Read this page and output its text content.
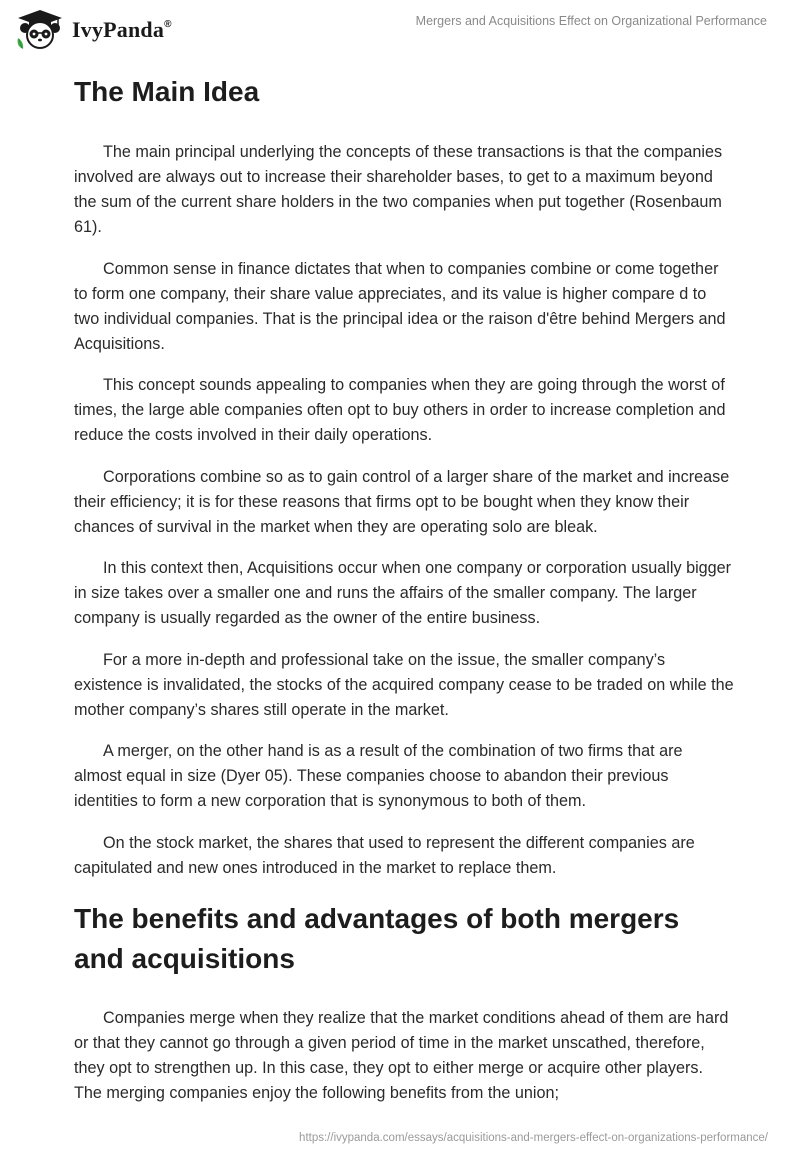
IvyPanda®	Mergers and Acquisitions Effect on Organizational Performance
The Main Idea

The main principal underlying the concepts of these transactions is that the companies involved are always out to increase their shareholder bases, to get to a maximum beyond the sum of the current share holders in the two companies when put together (Rosenbaum 61).

Common sense in finance dictates that when to companies combine or come together to form one company, their share value appreciates, and its value is higher compare d to two individual companies. That is the principal idea or the raison d'être behind Mergers and Acquisitions.

This concept sounds appealing to companies when they are going through the worst of times, the large able companies often opt to buy others in order to increase completion and reduce the costs involved in their daily operations.

Corporations combine so as to gain control of a larger share of the market and increase their efficiency; it is for these reasons that firms opt to be bought when they know their chances of survival in the market when they are operating solo are bleak.

In this context then, Acquisitions occur when one company or corporation usually bigger in size takes over a smaller one and runs the affairs of the smaller company. The larger company is usually regarded as the owner of the entire business.

For a more in-depth and professional take on the issue, the smaller company’s existence is invalidated, the stocks of the acquired company cease to be traded on while the mother company’s shares still operate in the market.

A merger, on the other hand is as a result of the combination of two firms that are almost equal in size (Dyer 05). These companies choose to abandon their previous identities to form a new corporation that is synonymous to both of them.

On the stock market, the shares that used to represent the different companies are capitulated and new ones introduced in the market to replace them.

The benefits and advantages of both mergers and acquisitions

Companies merge when they realize that the market conditions ahead of them are hard or that they cannot go through a given period of time in the market unscathed, therefore, they opt to strengthen up. In this case, they opt to either merge or acquire other players. The merging companies enjoy the following benefits from the union;

https://ivypanda.com/essays/acquisitions-and-mergers-effect-on-organizations-performance/
